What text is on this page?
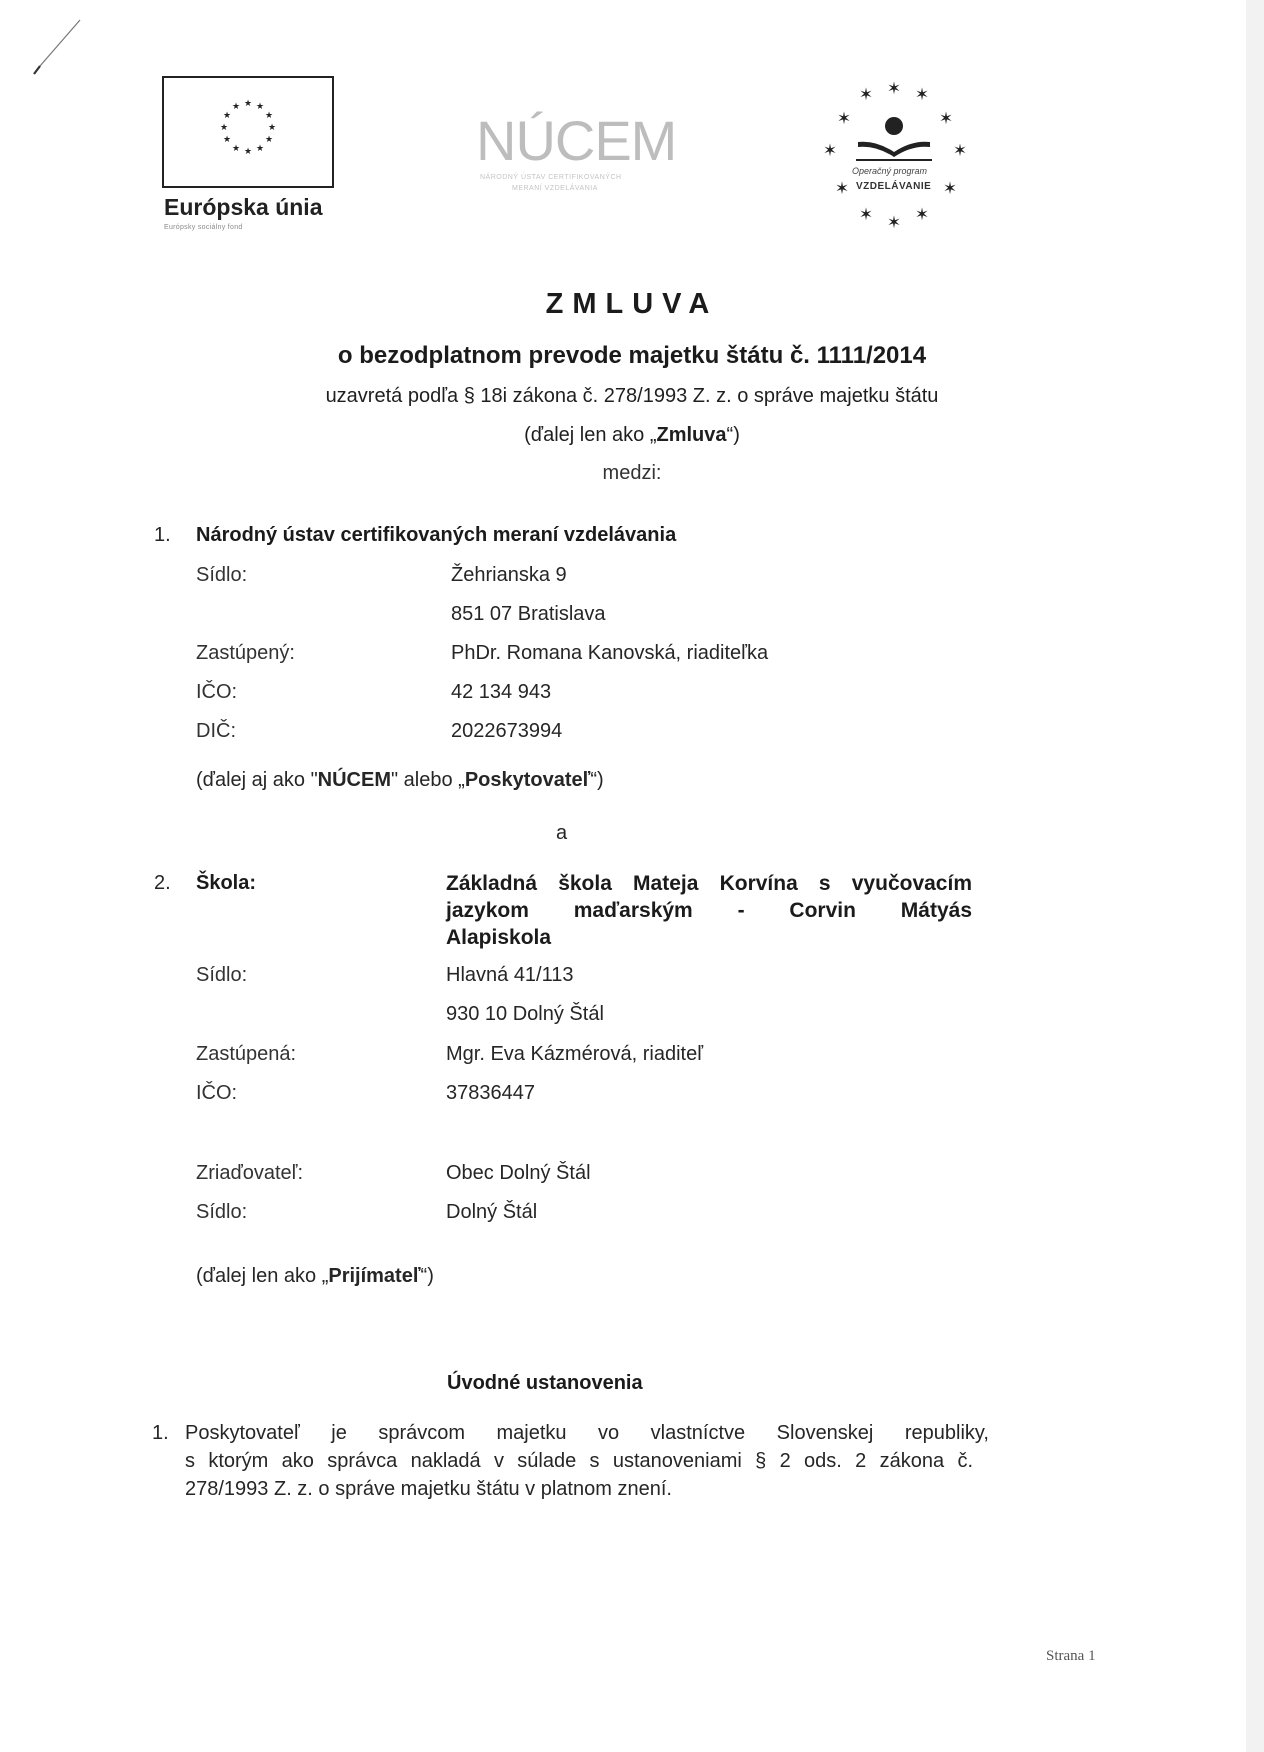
★ ★
★
★
★
★
★
★
★
★
★
★
Európska únia
Európsky sociálny fond
NÚCEM
NÁRODNÝ ÚSTAV CERTIFIKOVANÝCH
MERANÍ VZDELÁVANIA
✶ ✶ ✶
✶	✶
✶	✶
✶	✶
✶ ✶ ✶
Operačný program
VZDELÁVANIE
ZMLUVA
o bezodplatnom prevode majetku štátu č. 1111/2014
uzavretá podľa § 18i zákona č. 278/1993 Z. z. o správe majetku štátu
(ďalej len ako „Zmluva“)
medzi:
1. Národný ústav certifikovaných meraní vzdelávania
Sídlo:	Žehrianska 9
851 07 Bratislava
Zastúpený:	PhDr. Romana Kanovská, riaditeľka
IČO:	42 134 943
DIČ:	2022673994
(ďalej aj ako "NÚCEM" alebo „Poskytovateľ“)
a
2. Škola:	Základná škola Mateja Korvína s vyučovacím
jazykom maďarským - Corvin Mátyás
Alapiskola
Sídlo:	Hlavná 41/113
930 10 Dolný Štál
Zastúpená:	Mgr. Eva Kázmérová, riaditeľ
IČO:	37836447
Zriaďovateľ:	Obec Dolný Štál
Sídlo:	Dolný Štál
(ďalej len ako „Prijímateľ“)
Úvodné ustanovenia
1. Poskytovateľ je správcom majetku vo vlastníctve Slovenskej republiky,
s ktorým ako správca nakladá v súlade s ustanoveniami § 2 ods. 2 zákona č.
278/1993 Z. z. o správe majetku štátu v platnom znení.
Strana 1
